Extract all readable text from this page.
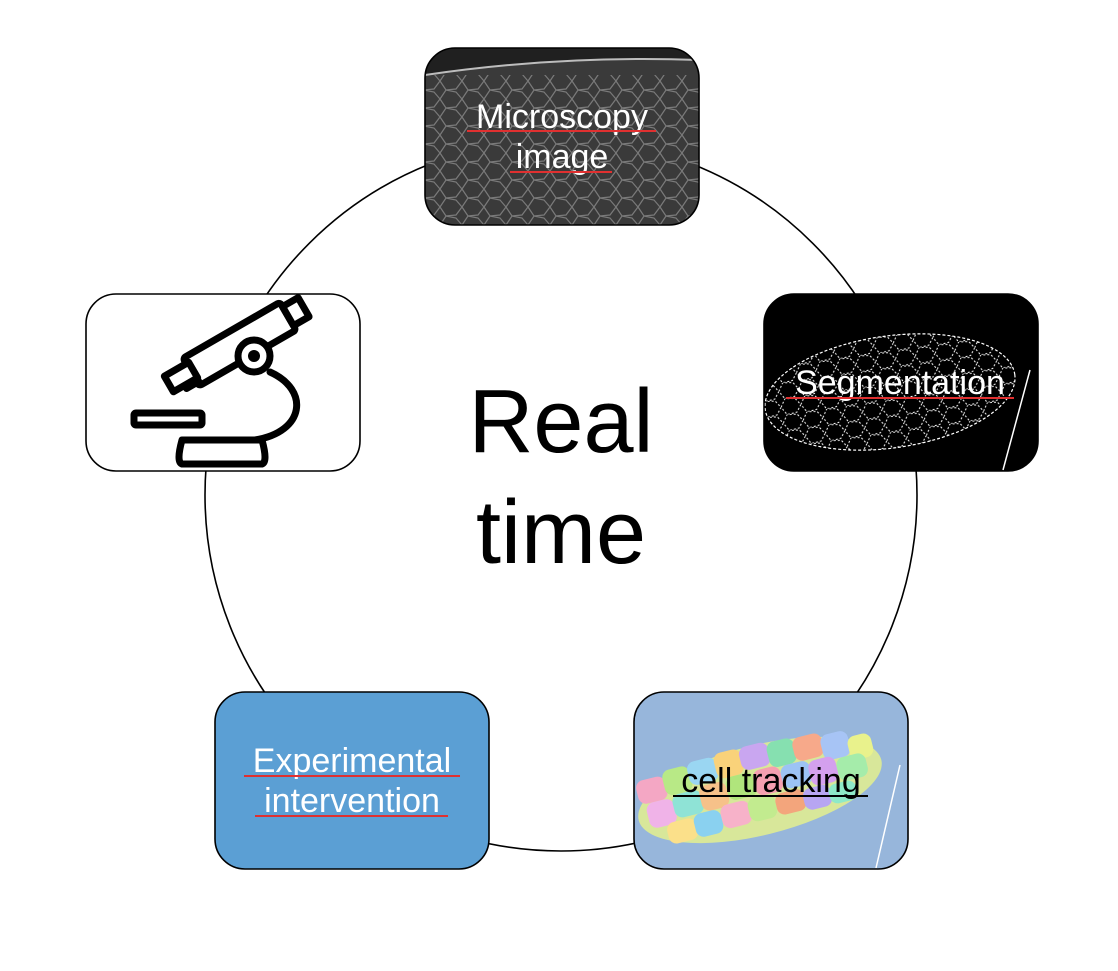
Real
time
Microscopy
image
Segmentation
cell tracking
Experimental
intervention
